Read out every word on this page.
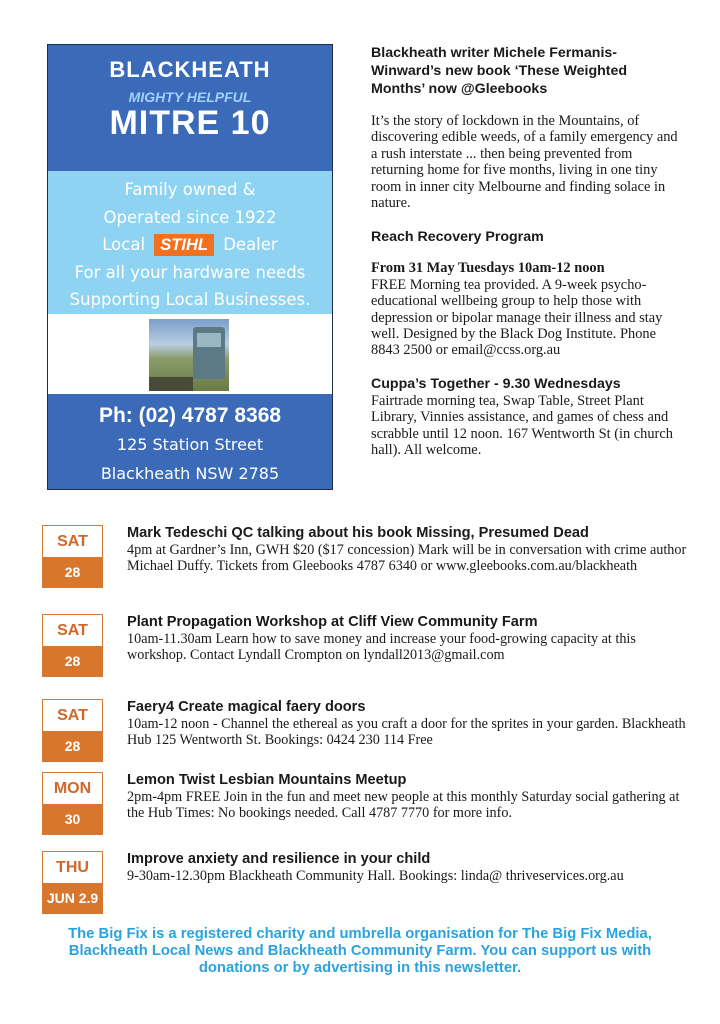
BLACKHEATH
MIGHTY HELPFUL
MITRE 10
Family owned &
Operated since 1922
Local STIHL Dealer
For all your hardware needs
Supporting Local Businesses.
Ph: (02) 4787 8368
125 Station Street
Blackheath NSW 2785

Blackheath writer Michele Fermanis-Winward’s new book ‘These Weighted Months’ now @Gleebooks

It’s the story of lockdown in the Mountains, of discovering edible weeds, of a family emergency and a rush interstate ... then being prevented from returning home for five months, living in one tiny room in inner city Melbourne and finding solace in nature.

Reach Recovery Program

From 31 May Tuesdays 10am-12 noon

FREE Morning tea provided. A 9-week psycho-educational wellbeing group to help those with depression or bipolar manage their illness and stay well. Designed by the Black Dog Institute. Phone 8843 2500 or email@ccss.org.au

Cuppa’s Together - 9.30 Wednesdays

Fairtrade morning tea, Swap Table, Street Plant Library, Vinnies assistance, and games of chess and scrabble until 12 noon. 167 Wentworth St (in church hall). All welcome.

SAT
28
Mark Tedeschi QC talking about his book Missing, Presumed Dead
4pm at Gardner’s Inn, GWH $20 ($17 concession) Mark will be in conversation with crime author Michael Duffy. Tickets from Gleebooks 4787 6340 or www.gleebooks.com.au/blackheath
SAT
28
Plant Propagation Workshop at Cliff View Community Farm
10am-11.30am Learn how to save money and increase your food-growing capacity at this workshop. Contact Lyndall Crompton on lyndall2013@gmail.com
SAT
28
Faery4 Create magical faery doors
10am-12 noon - Channel the ethereal as you craft a door for the sprites in your garden. Blackheath Hub 125 Wentworth St. Bookings: 0424 230 114 Free
MON
30
Lemon Twist Lesbian Mountains Meetup
2pm-4pm FREE Join in the fun and meet new people at this monthly Saturday social gathering at the Hub Times: No bookings needed. Call 4787 7770 for more info.
THU
JUN 2.9
Improve anxiety and resilience in your child
9-30am-12.30pm Blackheath Community Hall. Bookings: linda@ thriveservices.org.au
The Big Fix is a registered charity and umbrella organisation for The Big Fix Media, Blackheath Local News and Blackheath Community Farm. You can support us with donations or by advertising in this newsletter.
